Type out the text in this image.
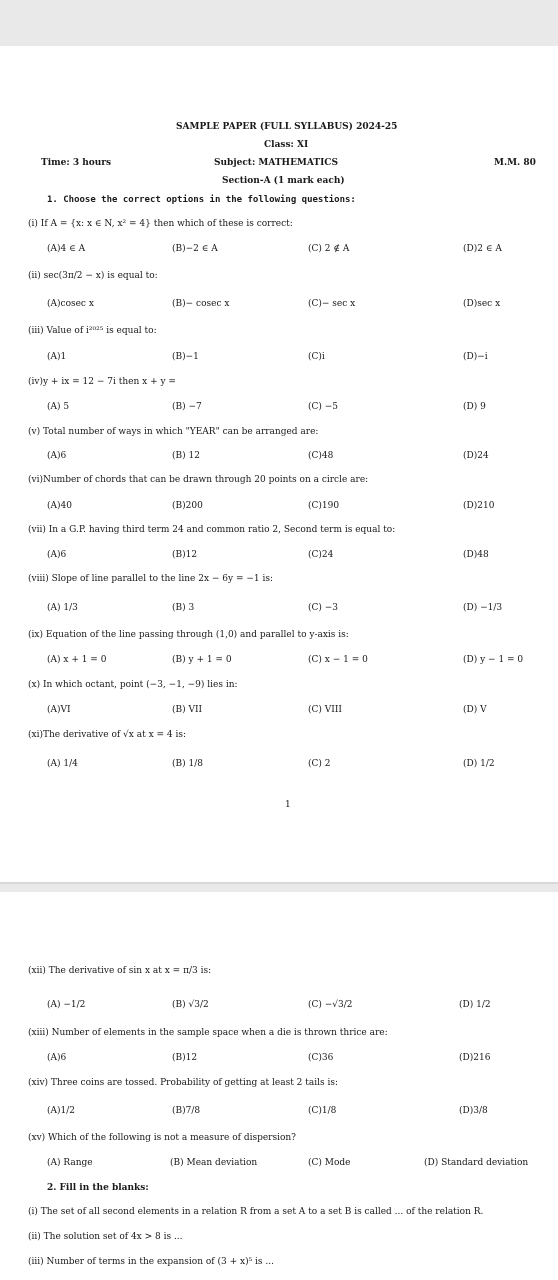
SAMPLE PAPER (FULL SYLLABUS) 2024-25
Class: XI
Time: 3 hours	Subject: MATHEMATICS	M.M. 80
Section-A (1 mark each)
1. Choose the correct options in the following questions:
(i) If A = {x: x ∈ N, x² = 4} then which of these is correct:
(A)4 ∈ A	(B)−2 ∈ A	(C) 2 ∉ A	(D)2 ∈ A
(ii) sec(3π/2 − x) is equal to:
(A)cosec x	(B)− cosec x	(C)− sec x	(D)sec x
(iii) Value of i²⁰²⁵ is equal to:
(A)1	(B)−1	(C)i	(D)−i
(iv)y + ix = 12 − 7i then x + y =
(A) 5	(B) −7	(C) −5	(D) 9
(v) Total number of ways in which "YEAR" can be arranged are:
(A)6	(B) 12	(C)48	(D)24
(vi)Number of chords that can be drawn through 20 points on a circle are:
(A)40	(B)200	(C)190	(D)210
(vii) In a G.P. having third term 24 and common ratio 2, Second term is equal to:
(A)6	(B)12	(C)24	(D)48
(viii) Slope of line parallel to the line 2x − 6y = −1 is:
(A) 1/3	(B) 3	(C) −3	(D) −1/3
(ix) Equation of the line passing through (1,0) and parallel to y-axis is:
(A) x + 1 = 0	(B) y + 1 = 0	(C) x − 1 = 0	(D) y − 1 = 0
(x) In which octant, point (−3, −1, −9) lies in:
(A)VI	(B) VII	(C) VIII	(D) V
(xi)The derivative of √x at x = 4 is:
(A) 1/4	(B) 1/8	(C) 2	(D) 1/2
1
(xii) The derivative of sin x at x = π/3 is:
(A) −1/2	(B) √3/2	(C) −√3/2	(D) 1/2
(xiii) Number of elements in the sample space when a die is thrown thrice are:
(A)6	(B)12	(C)36	(D)216
(xiv) Three coins are tossed. Probability of getting at least 2 tails is:
(A)1/2	(B)7/8	(C)1/8	(D)3/8
(xv) Which of the following is not a measure of dispersion?
(A) Range	(B) Mean deviation	(C) Mode	(D) Standard deviation
2. Fill in the blanks:
(i) The set of all second elements in a relation R from a set A to a set B is called ... of the relation R.
(ii) The solution set of 4x > 8 is ...
(iii) Number of terms in the expansion of (3 + x)⁵ is ...
